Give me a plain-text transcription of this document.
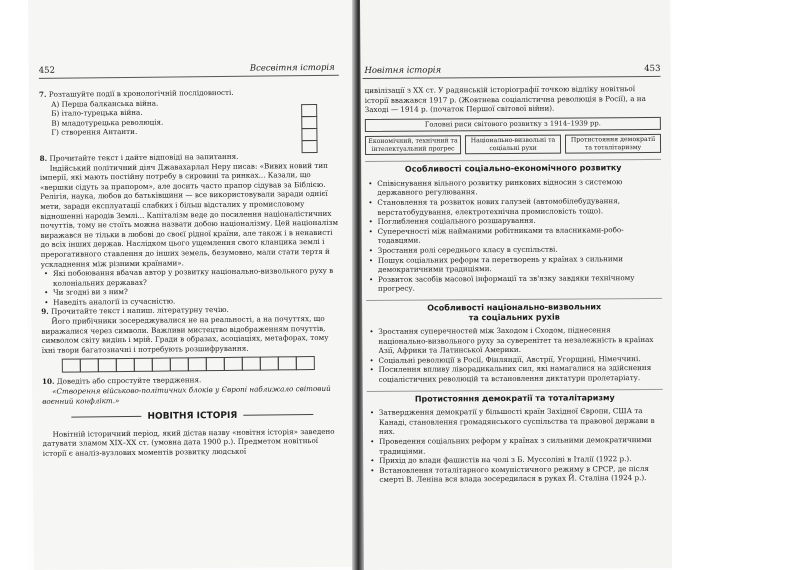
452	Всесвітня історія

7. Розташуйте події в хронологічній послідовності.

А) Перша балканська війна.
Б) італо-турецька війна.
В) младотурецька революція.
Г) створення Антанти.

8. Прочитайте текст і дайте відповіді на запитання.

Індійський політичний діяч Джавахарлал Неру писав: «Вивих новий тип імперії, які мають постійну потребу в сировині та ринках... Казали, що «вершки сідуть за прапором», але досить часто прапор сідував за Біблією. Релігія, наука, любов до батьківщини — все використовували заради однієї мети, заради експлуатації слабких і більш відсталих у промисловому відношенні народів Землі... Капіталізм веде до посилення націоналістичних почуттів, тому не стоїть можна назвати добою націоналізму. Цей націоналізм виражався не тільки в любові до своєї рідної країни, але також і в ненависті до всіх інших держав. Наслідком цього ущемлення свого кланцика землі і прерогативного ставлення до інших земель, безумовно, мали стати тертя й ускладнення між різними країнами».

• Які побоювання вбачав автор у розвитку національно-визвольного руху в колоніальних державах?
• Чи згодні ви з ним?
• Наведіть аналогії із сучасністю.

9. Прочитайте текст і напиш. літературну течію.

Його прибічники зосереджувалися не на реальності, а на почуттях, що виражалися через символи. Важливи мистецтво відображенням почуттів, символом світу видінь і мрій. Гради в образах, асоціаціях, метафорах, тому їхні твори багатозначні і потребують розшифрування.

10. Доведіть або спростуйте твердження.

«Створення військово-політичних блоків у Європі наближало світовий воєнний конфлікт.»

НОВІТНЯ ІСТОРІЯ

Новітній історичний період, який дістав назву «новітня історія» заведено датувати зламом ХІХ–ХХ ст. (умовна дата 1900 р.). Предметом новітньої історії є аналіз-вузлових моментів розвитку людської

Новітня історія	453

цивілізації з ХХ ст. У радянській історіографії точкою відліку новітньої історії вважався 1917 р. (Жовтнева соціалістична революція в Росії), а на Заході — 1914 р. (початок Першої світової війни).

Головні риси світового розвитку з 1914–1939 рр.
Економічний, технічний та інтелектуальний прогрес
Національно-визвольні та соціальні рухи
Протистояння демократії та тоталітаризму
Особливості соціально-економічного розвитку
• Співіснування вільного розвитку ринкових відносин з системою державного регулювання.
• Становлення та розвиток нових галузей (автомобілебудування, верстатобудування, електротехнічна промисловість тощо).
• Поглиблення соціального розшарування.
• Суперечності між найманими робітниками та власниками-робо-тодавцями.
• Зростання ролі середнього класу в суспільстві.
• Пошук соціальних реформ та перетворень у країнах з сильними демократичними традиціями.
• Розвиток засобів масової інформації та зв'язку завдяки технічному прогресу.
Особливості національно-визвольних
та соціальних рухів
• Зростання суперечностей між Заходом і Сходом, піднесення національно-визвольного руху за суверенітет та незалежність в країнах Азії, Африки та Латинської Америки.
• Соціальні революції в Росії, Фінляндії, Австрії, Угорщині, Німеччині.
• Посилення впливу ліворадикальних сил, які намагалися на здійснення соціалістичних революцій та встановлення диктатури пролетаріату.
Протистояння демократії та тоталітаризму
• Затвердження демократії у більшості країн Західної Європи, США та Канаді, становлення громадянського суспільства та правової держави в них.
• Проведення соціальних реформ у країнах з сильними демократичними традиціями.
• Прихід до влади фашистів на чолі з Б. Муссоліні в Італії (1922 р.).
• Встановлення тоталітарного комуністичного режиму в СРСР, де після смерті В. Леніна вся влада зосередилася в руках Й. Сталіна (1924 р.).
